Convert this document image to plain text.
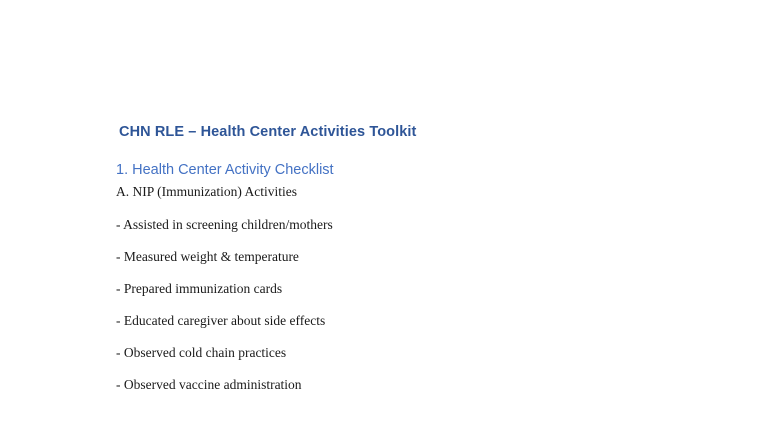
CHN RLE – Health Center Activities Toolkit
1. Health Center Activity Checklist
A. NIP (Immunization) Activities
- Assisted in screening children/mothers
- Measured weight & temperature
- Prepared immunization cards
- Educated caregiver about side effects
- Observed cold chain practices
- Observed vaccine administration
